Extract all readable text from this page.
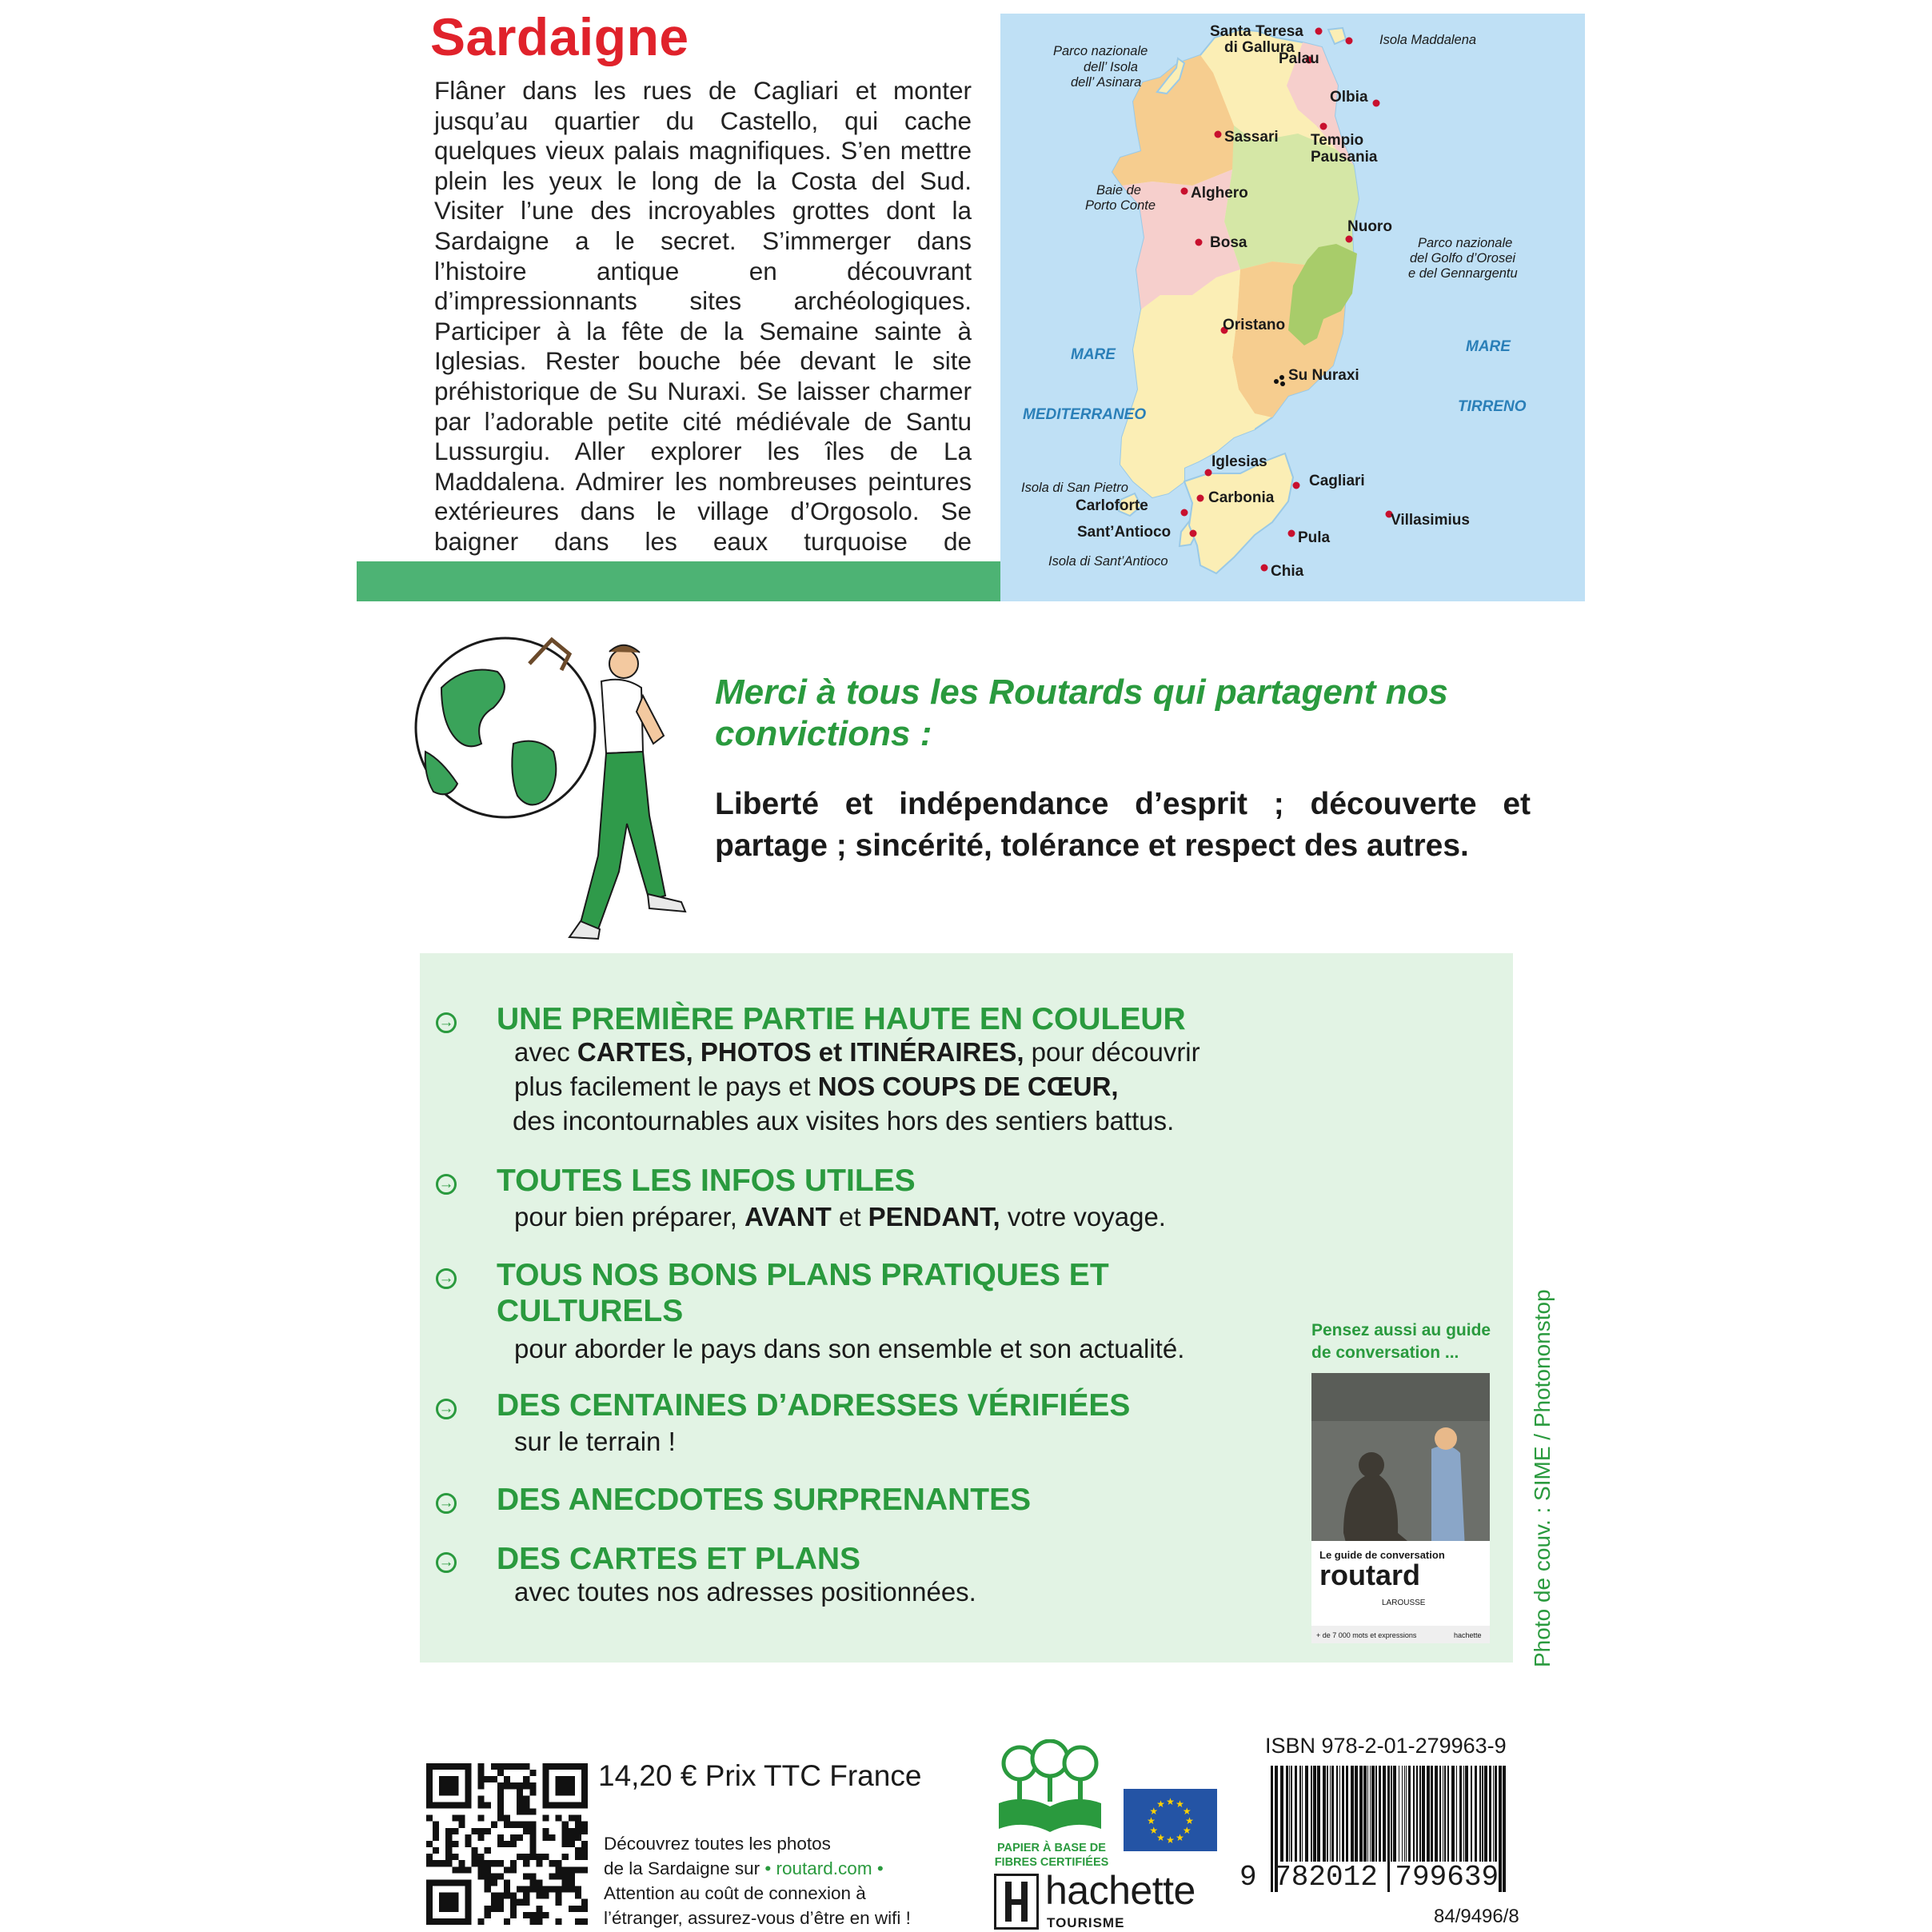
Sardaigne
Flâner dans les rues de Cagliari et monter jusqu’au quartier du Castello, qui cache quelques vieux palais magnifiques. S’en mettre plein les yeux le long de la Costa del Sud. Visiter l’une des incroyables grottes dont la Sardaigne a le secret. S’immerger dans l’histoire antique en découvrant d’impressionnants sites archéologiques. Participer à la fête de la Semaine sainte à Iglesias. Rester bouche bée devant le site préhistorique de Su Nuraxi. Se laisser charmer par l’adorable petite cité médiévale de Santu Lussurgiu. Aller explorer les îles de La Maddalena. Admirer les nombreuses peintures extérieures dans le village d’Orgosolo. Se baigner dans les eaux turquoise de
Santa Teresa
di Gallura
Palau
Isola Maddalena
Parco nazionale
dell’ Isola
dell’ Asinara
Olbia
Sassari Tempio
Pausania
Baie de
Porto Conte
Alghero
Bosa
Nuoro
Parco nazionale
del Golfo d’Orosei
e del Gennargentu
Oristano
Su Nuraxi
Iglesias
Cagliari
Isola di San Pietro
Carloforte	Carbonia
Villasimius
Sant’Antioco	Pula
Isola di Sant’Antioco
Chia
MARE
MEDITERRANEO
MARE
TIRRENO
Merci à tous les Routards qui partagent nos convictions :
Liberté et indépendance d’esprit ; découverte et partage ; sincérité, tolérance et respect des autres.
→ UNE PREMIÈRE PARTIE HAUTE EN COULEUR
avec CARTES, PHOTOS et ITINÉRAIRES, pour découvrir
plus facilement le pays et NOS COUPS DE CŒUR,
des incontournables aux visites hors des sentiers battus.
→ TOUTES LES INFOS UTILES
pour bien préparer, AVANT et PENDANT, votre voyage.
→ TOUS NOS BONS PLANS PRATIQUES ET
CULTURELS
pour aborder le pays dans son ensemble et son actualité.
→ DES CENTAINES D’ADRESSES VÉRIFIÉES
sur le terrain !
→ DES ANECDOTES SURPRENANTES
→ DES CARTES ET PLANS
avec toutes nos adresses positionnées.
Pensez aussi au guide
de conversation ...
Le guide de conversation
routard
LAROUSSE
+ de 7 000 mots et expressions	hachette Photo de couv. : SIME / Photononstop
14,20 € Prix TTC France
Découvrez toutes les photos
de la Sardaigne sur • routard.com •
Attention au coût de connexion à
l’étranger, assurez-vous d’être en wifi !
PAPIER À BASE DE
FIBRES CERTIFIÉES
★
★
★
★
★
★
★
★
★ ★ ★
★
hachette
TOURISME
ISBN 978-2-01-279963-9
9 782012 799639
84/9496/8
